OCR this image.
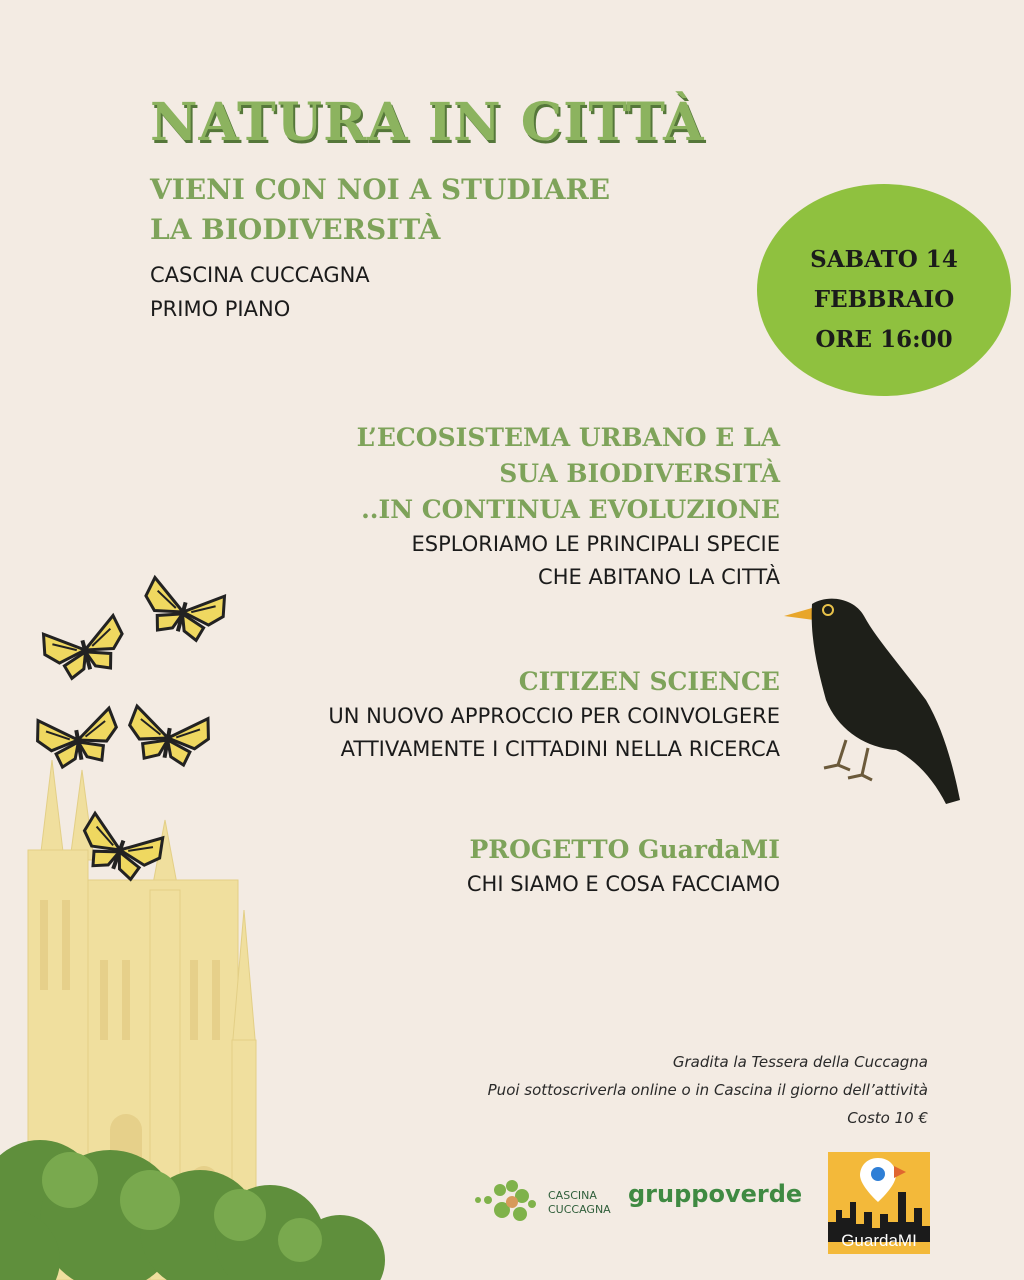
NATURA IN CITTÀ
VIENI CON NOI A STUDIARE
LA BIODIVERSITÀ
CASCINA CUCCAGNA
PRIMO PIANO
SABATO 14
FEBBRAIO
ORE 16:00
L’ECOSISTEMA URBANO E LA
SUA BIODIVERSITÀ
..IN CONTINUA EVOLUZIONE
ESPLORIAMO LE PRINCIPALI SPECIE
CHE ABITANO LA CITTÀ
CITIZEN SCIENCE
UN NUOVO APPROCCIO PER COINVOLGERE
ATTIVAMENTE I CITTADINI NELLA RICERCA
PROGETTO GuardaMI
CHI SIAMO E COSA FACCIAMO
Gradita la Tessera della Cuccagna
Puoi sottoscriverla online o in Cascina il giorno dell’attività
Costo 10 €
CASCINA
CUCCAGNA
gruppoverde
GuardaMI
